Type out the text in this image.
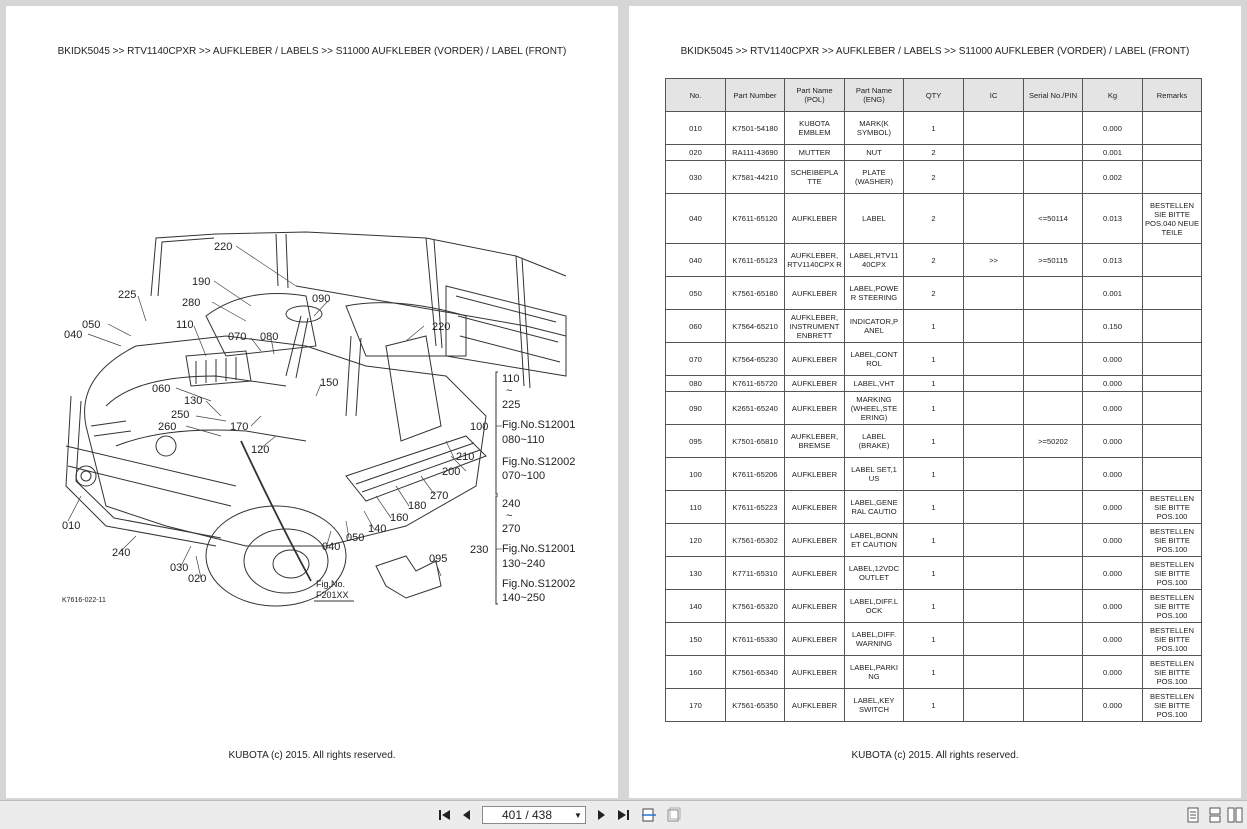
BKIDK5045 >> RTV1140CPXR >> AUFKLEBER / LABELS >> S11000 AUFKLEBER (VORDER) / LABEL (FRONT)
220
190
225
280	090
220
050	110
070 080
040
060	150
130
250
170
260
120
210
200
270
180
160
140
010
050
040
240
030
020
095
110
~
225
100 Fig.No.S12001
080~110
Fig.No.S12002
070~100
240
~
270
230 Fig.No.S12001
130~240
Fig.No.S12002
140~250
Fig.No.
F201XX
K7616-022-11
KUBOTA (c) 2015. All rights reserved.
BKIDK5045 >> RTV1140CPXR >> AUFKLEBER / LABELS >> S11000 AUFKLEBER (VORDER) / LABEL (FRONT)
No.	Part Number	Part Name (POL)	Part Name (ENG)	QTY	IC	Serial No./PIN	Kg	Remarks
010	K7501-54180	KUBOTA EMBLEM	MARK(K SYMBOL)	1			0.000	
020	RA111-43690	MUTTER	NUT	2			0.001	
030	K7581-44210	SCHEIBEPLA TTE	PLATE (WASHER)	2			0.002	
040	K7611-65120	AUFKLEBER	LABEL	2		<=50114	0.013	BESTELLEN SIE BITTE POS.040 NEUE TEILE
040	K7611-65123	AUFKLEBER, RTV1140CPX R	LABEL,RTV11 40CPX	2	>>	>=50115	0.013	
050	K7561-65180	AUFKLEBER	LABEL,POWE R STEERING	2			0.001	
060	K7564-65210	AUFKLEBER, INSTRUMENT ENBRETT	INDICATOR,P ANEL	1			0.150	
070	K7564-65230	AUFKLEBER	LABEL,CONT ROL	1			0.000	
080	K7611-65720	AUFKLEBER	LABEL,VHT	1			0.000	
090	K2651-65240	AUFKLEBER	MARKING (WHEEL,STE ERING)	1			0.000	
095	K7501-65810	AUFKLEBER, BREMSE	LABEL (BRAKE)	1		>=50202	0.000	
100	K7611-65206	AUFKLEBER	LABEL SET,1 US	1			0.000	
110	K7611-65223	AUFKLEBER	LABEL,GENE RAL CAUTIO	1			0.000	BESTELLEN SIE BITTE POS.100
120	K7561-65302	AUFKLEBER	LABEL,BONN ET CAUTION	1			0.000	BESTELLEN SIE BITTE POS.100
130	K7711-65310	AUFKLEBER	LABEL,12VDC OUTLET	1			0.000	BESTELLEN SIE BITTE POS.100
140	K7561-65320	AUFKLEBER	LABEL,DIFF.L OCK	1			0.000	BESTELLEN SIE BITTE POS.100
150	K7611-65330	AUFKLEBER	LABEL,DIFF. WARNING	1			0.000	BESTELLEN SIE BITTE POS.100
160	K7561-65340	AUFKLEBER	LABEL,PARKI NG	1			0.000	BESTELLEN SIE BITTE POS.100
170	K7561-65350	AUFKLEBER	LABEL,KEY SWITCH	1			0.000	BESTELLEN SIE BITTE POS.100
KUBOTA (c) 2015. All rights reserved.
401 / 438	▼
